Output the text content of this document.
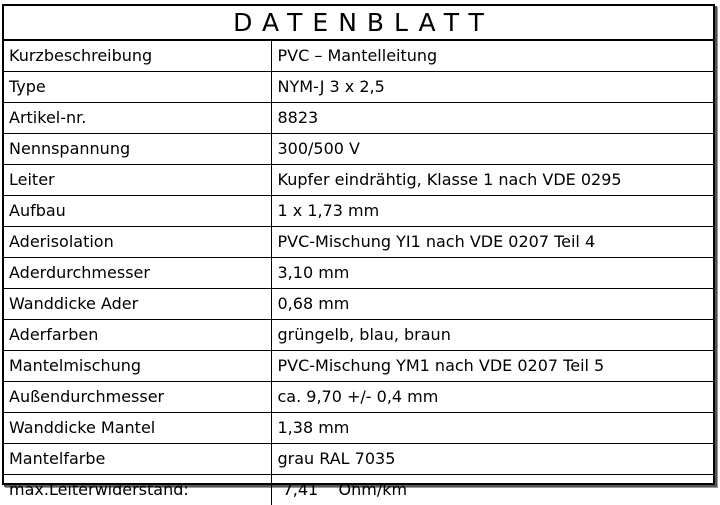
DATENBLATT
Kurzbeschreibung	PVC – Mantelleitung
Type	NYM-J 3 x 2,5
Artikel-nr.	8823
Nennspannung	300/500 V
Leiter	Kupfer eindrähtig, Klasse 1 nach VDE 0295
Aufbau	1 x 1,73 mm
Aderisolation	PVC-Mischung YI1 nach VDE 0207 Teil 4
Aderdurchmesser	3,10 mm
Wanddicke Ader	0,68 mm
Aderfarben	grüngelb, blau, braun
Mantelmischung	PVC-Mischung YM1 nach VDE 0207 Teil 5
Außendurchmesser	ca. 9,70 +/- 0,4 mm
Wanddicke Mantel	1,38 mm
Mantelfarbe	grau RAL 7035
max.Leiterwiderstand:	7,41    Ohm/km
